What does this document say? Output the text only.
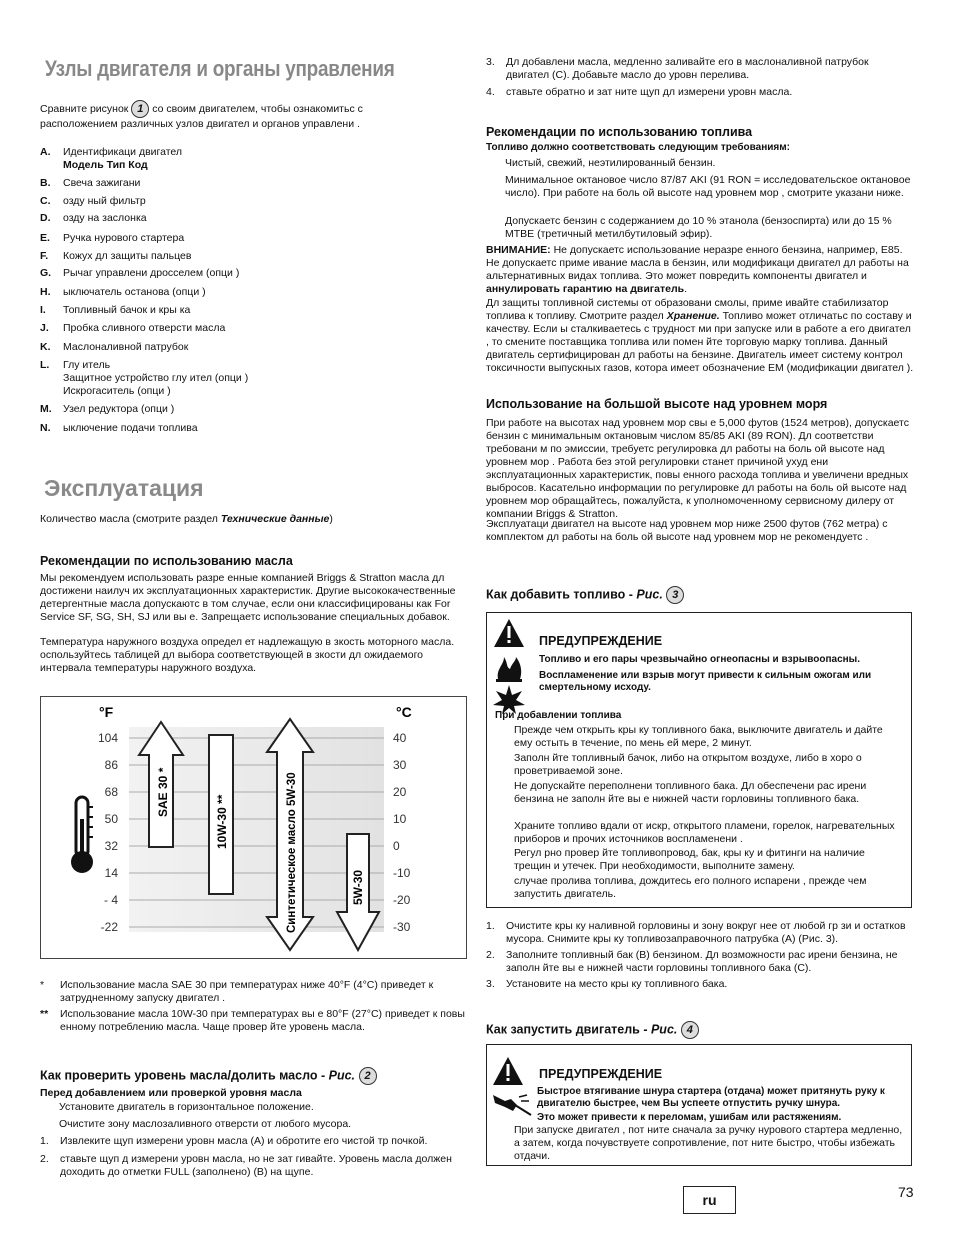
Узлы двигателя и органы управления
Сравните рисунок 1 со своим двигателем, чтобы ознакомитьс с
расположением различных узлов двигател и органов управлени .
A. Идентификаци двигател
Модель Тип Код
B. Свеча зажигани
C. озду ный фильтр
D. озду на заслонка
E. Ручка нурового стартера
F. Кожух дл защиты пальцев
G. Рычаг управлени дросселем (опци )
H. ыключатель останова (опци )
I. Топливный бачок и кры ка
J. Пробка сливного отверсти масла
K. Маслоналивной патрубок
L. Глу итель
Защитное устройство глу ител (опци )
Искрогаситель (опци )
M. Узел редуктора (опци )
N. ыключение подачи топлива
Эксплуатация
Количество масла (смотрите раздел Технические данные)
Рекомендации по использованию масла
Мы рекомендуем использовать разре енные компанией Briggs & Stratton масла дл достижени наилуч их эксплуатационных характеристик. Другие высококачественные детергентные масла допускаютс в том случае, если они классифицированы как For Service SF, SG, SH, SJ или вы е. Запрещаетс использование специальных добавок.
Температура наружного воздуха определ ет надлежащую в зкость моторного масла. оспользуйтесь таблицей дл выбора соответствующей в зкости дл ожидаемого интервала температуры наружного воздуха.
104
86
68
50
32
14
- 4
-22
40
30
20
10
0
-10
-20
-30
°F	°C
SAE 30 *
10W-30 **	Синтетическое масло 5W-30	5W-30
* Использование масла SAE 30 при температурах ниже 40°F (4°C) приведет к затрудненному запуску двигател .
** Использование масла 10W-30 при температурах вы е 80°F (27°C) приведет к повы енному потреблению масла. Чаще провер йте уровень масла.
Как проверить уровень масла/долить масло - Рис. 2
Перед добавлением или проверкой уровня масла
Установите двигатель в горизонтальное положение.
Очистите зону маслозаливного отверсти от любого мусора.
1. Извлеките щуп измерени уровн масла (A) и обротите его чистой тр почкой.
2. ставьте щуп д измерени уровн масла, но не зат гивайте. Уровень масла должен доходить до отметки FULL (заполнено) (B) на щупе.
3. Дл добавлени масла, медленно заливайте его в маслоналивной патрубок двигател (C). Добавьте масло до уровн перелива.
4. ставьте обратно и зат ните щуп дл измерени уровн масла.
Рекомендации по использованию топлива
Топливо должно соответствовать следующим требованиям:
Чистый, свежий, неэтилированный бензин.
Минимальное октановое число 87/87 AKI (91 RON = исследовательское октановое число). При работе на боль ой высоте над уровнем мор , смотрите указани ниже.
Допускаетс бензин с содержанием до 10 % этанола (бензоспирта) или до 15 % MTBE (третичный метилбутиловый эфир).
ВНИМАНИЕ: Не допускаетс использование неразре енного бензина, например, E85. Не допускаетс приме ивание масла в бензин, или модификаци двигател дл работы на альтернативных видах топлива. Это может повредить компоненты двигател и аннулировать гарантию на двигатель.
Дл защиты топливной системы от образовани смолы, приме ивайте стабилизатор топлива к топливу. Смотрите раздел Хранение. Топливо может отличатьс по составу и качеству. Если ы сталкиваетесь с трудност ми при запуске или в работе а его двигател , то смените поставщика топлива или помен йте торговую марку топлива. Данный двигатель сертифицирован дл работы на бензине. Двигатель имеет систему контрол токсичности выпускных газов, котора имеет обозначение EM (модификации двигател ).
Использование на большой высоте над уровнем моря
При работе на высотах над уровнем мор свы е 5,000 футов (1524 метров), допускаетс бензин с минимальным октановым числом 85/85 AKI (89 RON). Дл соответстви требовани м по эмиссии, требуетс регулировка дл работы на боль ой высоте над уровнем мор . Работа без этой регулировки станет причиной ухуд ени эксплуатационных характеристик, повы енного расхода топлива и увеличени вредных выбросов. Касательно информации по регулировке дл работы на боль ой высоте над уровнем мор обращайтесь, пожалуйста, к уполномоченному сервисному дилеру от компании Briggs & Stratton.
Эксплуатаци двигател на высоте над уровнем мор ниже 2500 футов (762 метра) с комплектом дл работы на боль ой высоте над уровнем мор не рекомендуетс .
Как добавить топливо - Рис. 3
ПРЕДУПРЕЖДЕНИЕ
Топливо и его пары чрезвычайно огнеопасны и взрывоопасны.
Воспламенение или взрыв могут привести к сильным ожогам или смертельному исходу.
При добавлении топлива
Прежде чем открыть кры ку топливного бака, выключите двигатель и дайте ему остыть в течение, по мень ей мере, 2 минут.
Заполн йте топливный бачок, либо на открытом воздухе, либо в хоро о проветриваемой зоне.
Не допускайте переполнени топливного бака. Дл обеспечени рас ирени бензина не заполн йте вы е нижней части горловины топливного бака.
Храните топливо вдали от искр, открытого пламени, горелок, нагревательных приборов и прочих источников воспламенени .
Регул рно провер йте топливопровод, бак, кры ку и фитинги на наличие трещин и утечек. При необходимости, выполните замену.
случае пролива топлива, дождитесь его полного испарени , прежде чем запустить двигатель.
1. Очистите кры ку наливной горловины и зону вокруг нее от любой гр зи и остатков мусора. Снимите кры ку топливозаправочного патрубка (A) (Рис. 3).
2. Заполните топливный бак (B) бензином. Дл возможности рас ирени бензина, не заполн йте вы е нижней части горловины топливного бака (C).
3. Установите на место кры ку топливного бака.
Как запустить двигатель - Рис. 4
ПРЕДУПРЕЖДЕНИЕ
Быстрое втягивание шнура стартера (отдача) может притянуть руку к двигателю быстрее, чем Вы успеете отпустить ручку шнура.
Это может привести к переломам, ушибам или растяжениям.
При запуске двигател , пот ните сначала за ручку нурового стартера медленно, а затем, когда почувствуете сопротивление, пот ните быстро, чтобы избежать отдачи.
ru	73
